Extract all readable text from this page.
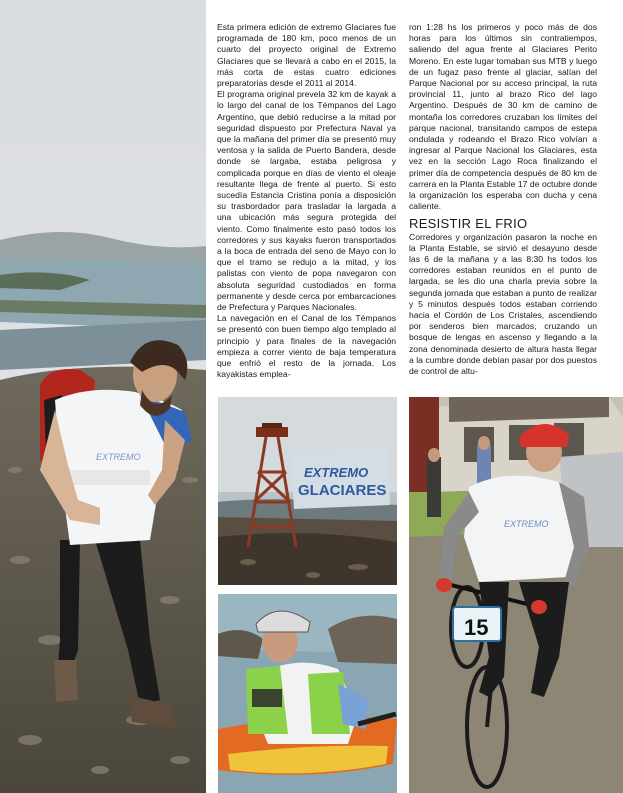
EXTREMO
EXTREMO
GLACIARES
EXTREMO
15

Esta primera edición de extremo Glaciares fue programada de 180 km, poco menos de un cuarto del proyecto original de Extremo Glaciares que se llevará a cabo en el 2015, la más corta de estas cuatro ediciones preparatorias desde el 2011 al 2014.

El programa original prevela 32 km de kayak a lo largo del canal de los Témpanos del Lago Argentino, que debió reducirse a la mitad por seguridad dispuesto por Prefectura Naval ya que la mañana del primer día se presentó muy ventosa y la salida de Puerto Bandera, desde donde se largaba, estaba peligrosa y complicada porque en días de viento el oleaje resultante llega de frente al puerto. Si esto sucedía Estancia Cristina ponía a disposición su trasbordador para trasladar la largada a una ubicación más segura protegida del viento. Como finalmente esto pasó todos los corredores y sus kayaks fueron transportados a la boca de entrada del seno de Mayo con lo que el tramo se redujo a la mitad, y los palistas con viento de popa navegaron con absoluta seguridad custodiados en forma permanente y desde cerca por embarcaciones de Prefectura y Parques Nacionales.

La navegación en el Canal de los Témpanos se presentó con buen tiempo algo templado al principio y para finales de la navegación empieza a correr viento de baja temperatura que enfrió el resto de la jornada. Los kayakistas emplea-

ron 1:28 hs los primeros y poco más de dos horas para los últimos sin contratiempos, saliendo del agua frente al Glaciares Perito Moreno. En este lugar tomaban sus MTB y luego de un fugaz paso frente al glaciar, salían del Parque Nacional por su acceso principal, la ruta provincial 11, junto al brazo Rico del lago Argentino. Después de 30 km de camino de montaña los corredores cruzaban los límites del parque nacional, transitando campos de estepa ondulada y rodeando el Brazo Rico volvían a ingresar al Parque Nacional los Glaciares, esta vez en la sección Lago Roca finalizando el primer día de competencia después de 80 km de carrera en la Planta Estable 17 de octubre donde la organización los esperaba con ducha y cena caliente.

RESISTIR EL FRIO

Corredores y organización pasaron la noche en la Planta Estable, se sirvió el desayuno desde las 6 de la mañana y a las 8:30 hs todos los corredores estaban reunidos en el punto de largada, se les dio una charla previa sobre la segunda jornada que estaban a punto de realizar y 5 minutos después todos estaban corriendo hacia el Cordón de Los Cristales, ascendiendo por senderos bien marcados, cruzando un bosque de lengas en ascenso y llegando a la zona denominada desierto de altura hasta llegar a la cumbre donde debían pasar por dos puestos de control de altu-
